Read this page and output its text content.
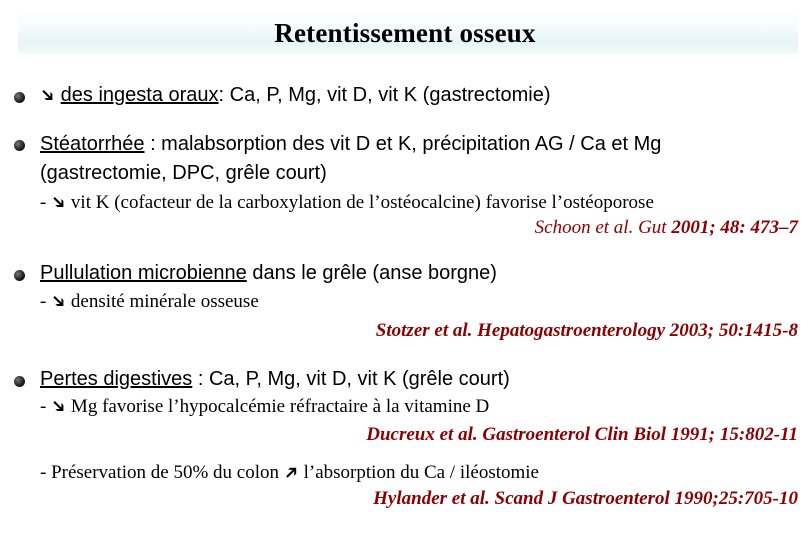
Retentissement osseux
➔ des ingesta oraux: Ca, P, Mg, vit D, vit K (gastrectomie)
Stéatorrhée : malabsorption des vit D et K, précipitation AG / Ca et Mg
(gastrectomie, DPC, grêle court)
- ➔ vit K (cofacteur de la carboxylation de l’ostéocalcine) favorise l’ostéoporose
Schoon et al. Gut 2001; 48: 473–7
Pullulation microbienne dans le grêle (anse borgne)
- ➔ densité minérale osseuse
Stotzer et al. Hepatogastroenterology 2003; 50:1415-8
Pertes digestives : Ca, P, Mg, vit D, vit K (grêle court)
- ➔ Mg favorise l’hypocalcémie réfractaire à la vitamine D
Ducreux et al. Gastroenterol Clin Biol 1991; 15:802-11
- Préservation de 50% du colon ➔ l’absorption du Ca / iléostomie
Hylander et al. Scand J Gastroenterol 1990;25:705-10
